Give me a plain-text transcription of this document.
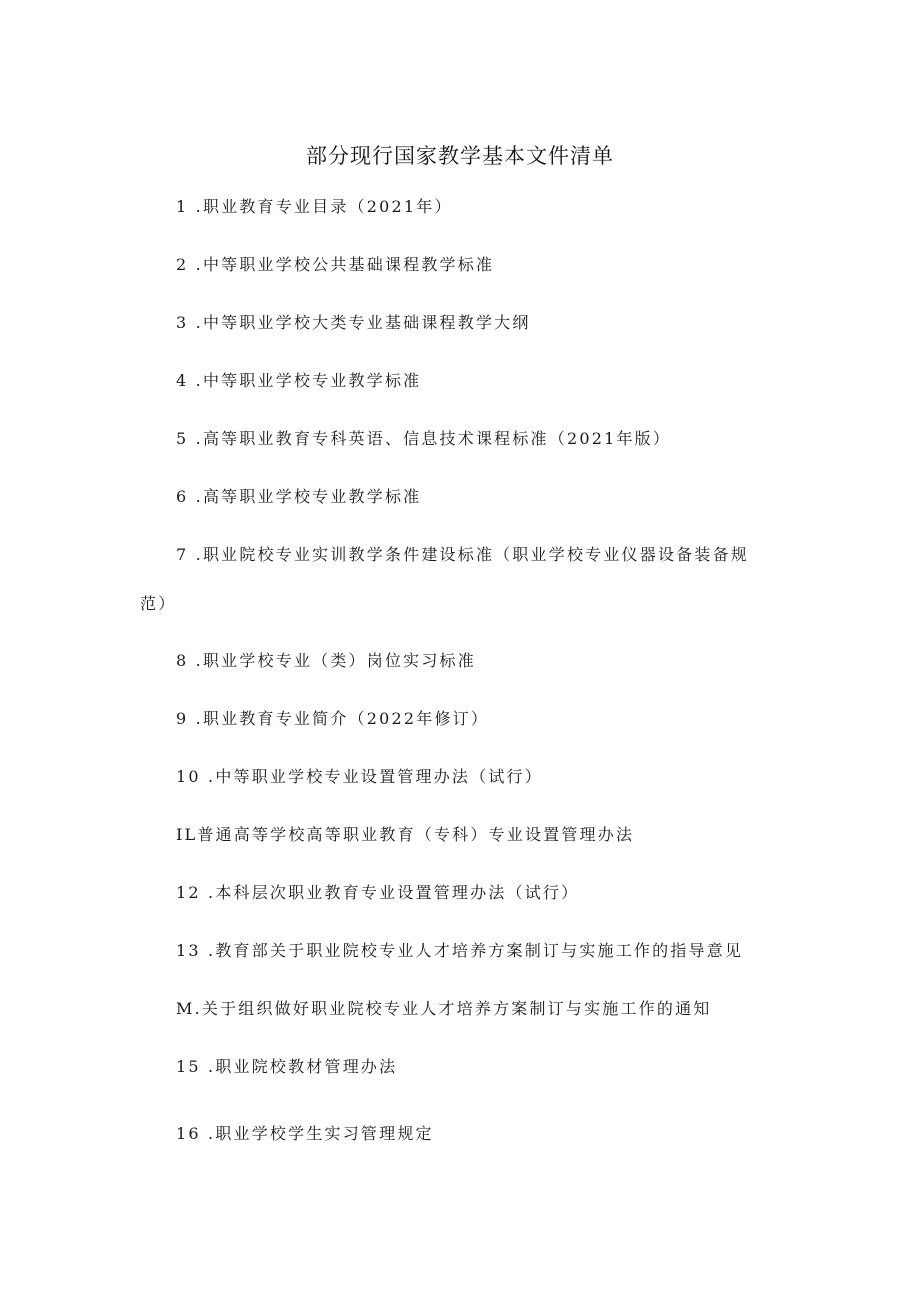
部分现行国家教学基本文件清单
1 .职业教育专业目录（2021年）
2 .中等职业学校公共基础课程教学标准
3 .中等职业学校大类专业基础课程教学大纲
4 .中等职业学校专业教学标准
5 .高等职业教育专科英语、信息技术课程标准（2021年版）
6 .高等职业学校专业教学标准
7 .职业院校专业实训教学条件建设标准（职业学校专业仪器设备装备规
范）
8 .职业学校专业（类）岗位实习标准
9 .职业教育专业简介（2022年修订）
10 .中等职业学校专业设置管理办法（试行）
IL普通高等学校高等职业教育（专科）专业设置管理办法
12 .本科层次职业教育专业设置管理办法（试行）
13 .教育部关于职业院校专业人才培养方案制订与实施工作的指导意见
M.关于组织做好职业院校专业人才培养方案制订与实施工作的通知
15 .职业院校教材管理办法
16 .职业学校学生实习管理规定
